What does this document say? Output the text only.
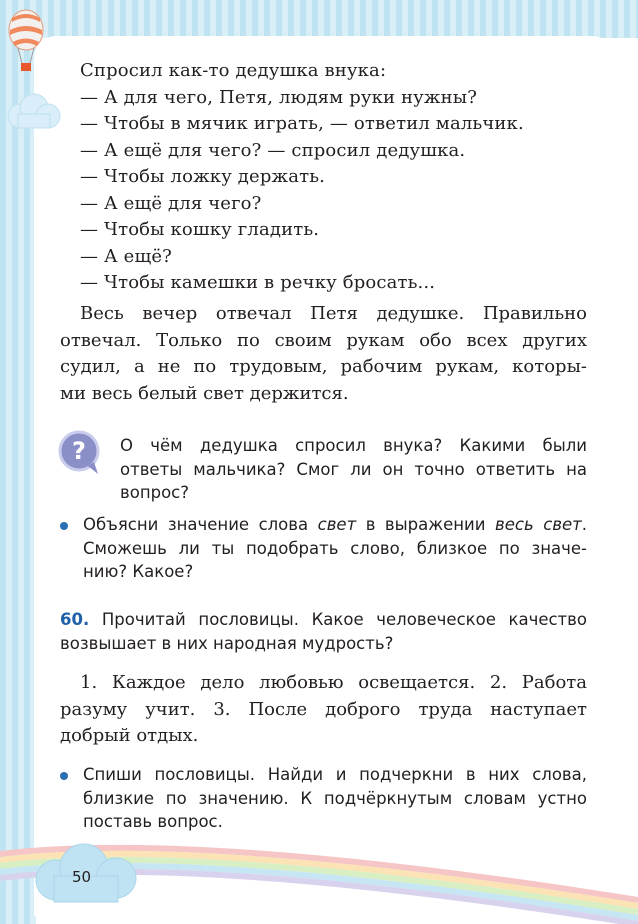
Спросил как-то дедушка внука:
— А для чего, Петя, людям руки нужны?
— Чтобы в мячик играть, — ответил мальчик.
— А ещё для чего? — спросил дедушка.
— Чтобы ложку держать.
— А ещё для чего?
— Чтобы кошку гладить.
— А ещё?
— Чтобы камешки в речку бросать...
Весь вечер отвечал Петя дедушке. Правильно
отвечал. Только по своим рукам обо всех других
судил, а не по трудовым, рабочим рукам, которы-
ми весь белый свет держится.
? О чём дедушка спросил внука? Какими были
ответы мальчика? Смог ли он точно ответить на
вопрос?
Объясни значение слова свет в выражении весь свет.
Сможешь ли ты подобрать слово, близкое по значе-
нию? Какое?
60. Прочитай пословицы. Какое человеческое качество
возвышает в них народная мудрость?
1. Каждое дело любовью освещается. 2. Работа
разуму учит. 3. После доброго труда наступает
добрый отдых.
Спиши пословицы. Найди и подчеркни в них слова,
близкие по значению. К подчёркнутым словам устно
поставь вопрос.
50
